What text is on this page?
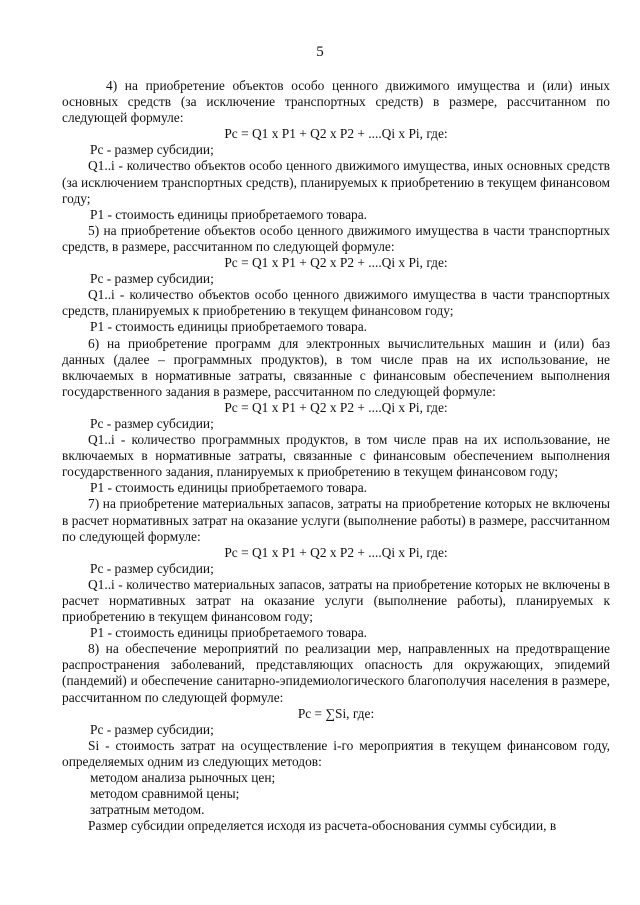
5
4) на приобретение объектов особо ценного движимого имущества и (или) иных основных средств (за исключение транспортных средств) в размере, рассчитанном по следующей формуле:
Pс = Q1 x P1 + Q2 x P2 + ....Qi x Pi, где:
Pс - размер субсидии;
Q1..i - количество объектов особо ценного движимого имущества, иных основных средств (за исключением транспортных средств), планируемых к приобретению в текущем финансовом году;
P1 - стоимость единицы приобретаемого товара.
5) на приобретение объектов особо ценного движимого имущества в части транспортных средств, в размере, рассчитанном по следующей формуле:
Pс = Q1 x P1 + Q2 x P2 + ....Qi x Pi, где:
Pс - размер субсидии;
Q1..i - количество объектов особо ценного движимого имущества в части транспортных средств, планируемых к приобретению в текущем финансовом году;
P1 - стоимость единицы приобретаемого товара.
6) на приобретение программ для электронных вычислительных машин и (или) баз данных (далее – программных продуктов), в том числе прав на их использование, не включаемых в нормативные затраты, связанные с финансовым обеспечением выполнения государственного задания в размере, рассчитанном по следующей формуле:
Pс = Q1 x P1 + Q2 x P2 + ....Qi x Pi, где:
Pс - размер субсидии;
Q1..i - количество программных продуктов, в том числе прав на их использование, не включаемых в нормативные затраты, связанные с финансовым обеспечением выполнения государственного задания, планируемых к приобретению в текущем финансовом году;
P1 - стоимость единицы приобретаемого товара.
7) на приобретение материальных запасов, затраты на приобретение которых не включены в расчет нормативных затрат на оказание услуги (выполнение работы) в размере, рассчитанном по следующей формуле:
Pс = Q1 x P1 + Q2 x P2 + ....Qi x Pi, где:
Pс - размер субсидии;
Q1..i - количество материальных запасов, затраты на приобретение которых не включены в расчет нормативных затрат на оказание услуги (выполнение работы), планируемых к приобретению в текущем финансовом году;
P1 - стоимость единицы приобретаемого товара.
8) на обеспечение мероприятий по реализации мер, направленных на предотвращение распространения заболеваний, представляющих опасность для окружающих, эпидемий (пандемий) и обеспечение санитарно-эпидемиологического благополучия населения в размере, рассчитанном по следующей формуле:
Pс = ∑Si, где:
Pс - размер субсидии;
Si - стоимость затрат на осуществление i-го мероприятия в текущем финансовом году, определяемых одним из следующих методов:
методом анализа рыночных цен;
методом сравнимой цены;
затратным методом.
Размер субсидии определяется исходя из расчета-обоснования суммы субсидии, в
